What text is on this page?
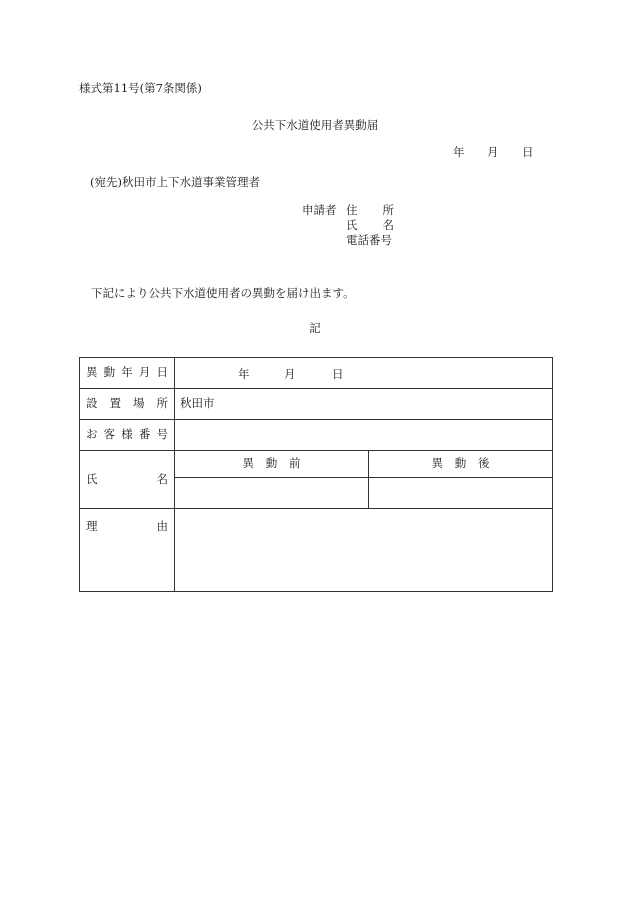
様式第11号(第7条関係)
公共下水道使用者異動届
年 月 日
(宛先)秋田市上下水道事業管理者
申請者 住 所
氏 名
電話番号
下記により公共下水道使用者の異動を届け出ます。
記
異 動 年 月 日	年 月 日	

設 置 場 所	秋田市	

お 客 様 番 号		

氏 名	異 動 前	異 動 後

理 由		
